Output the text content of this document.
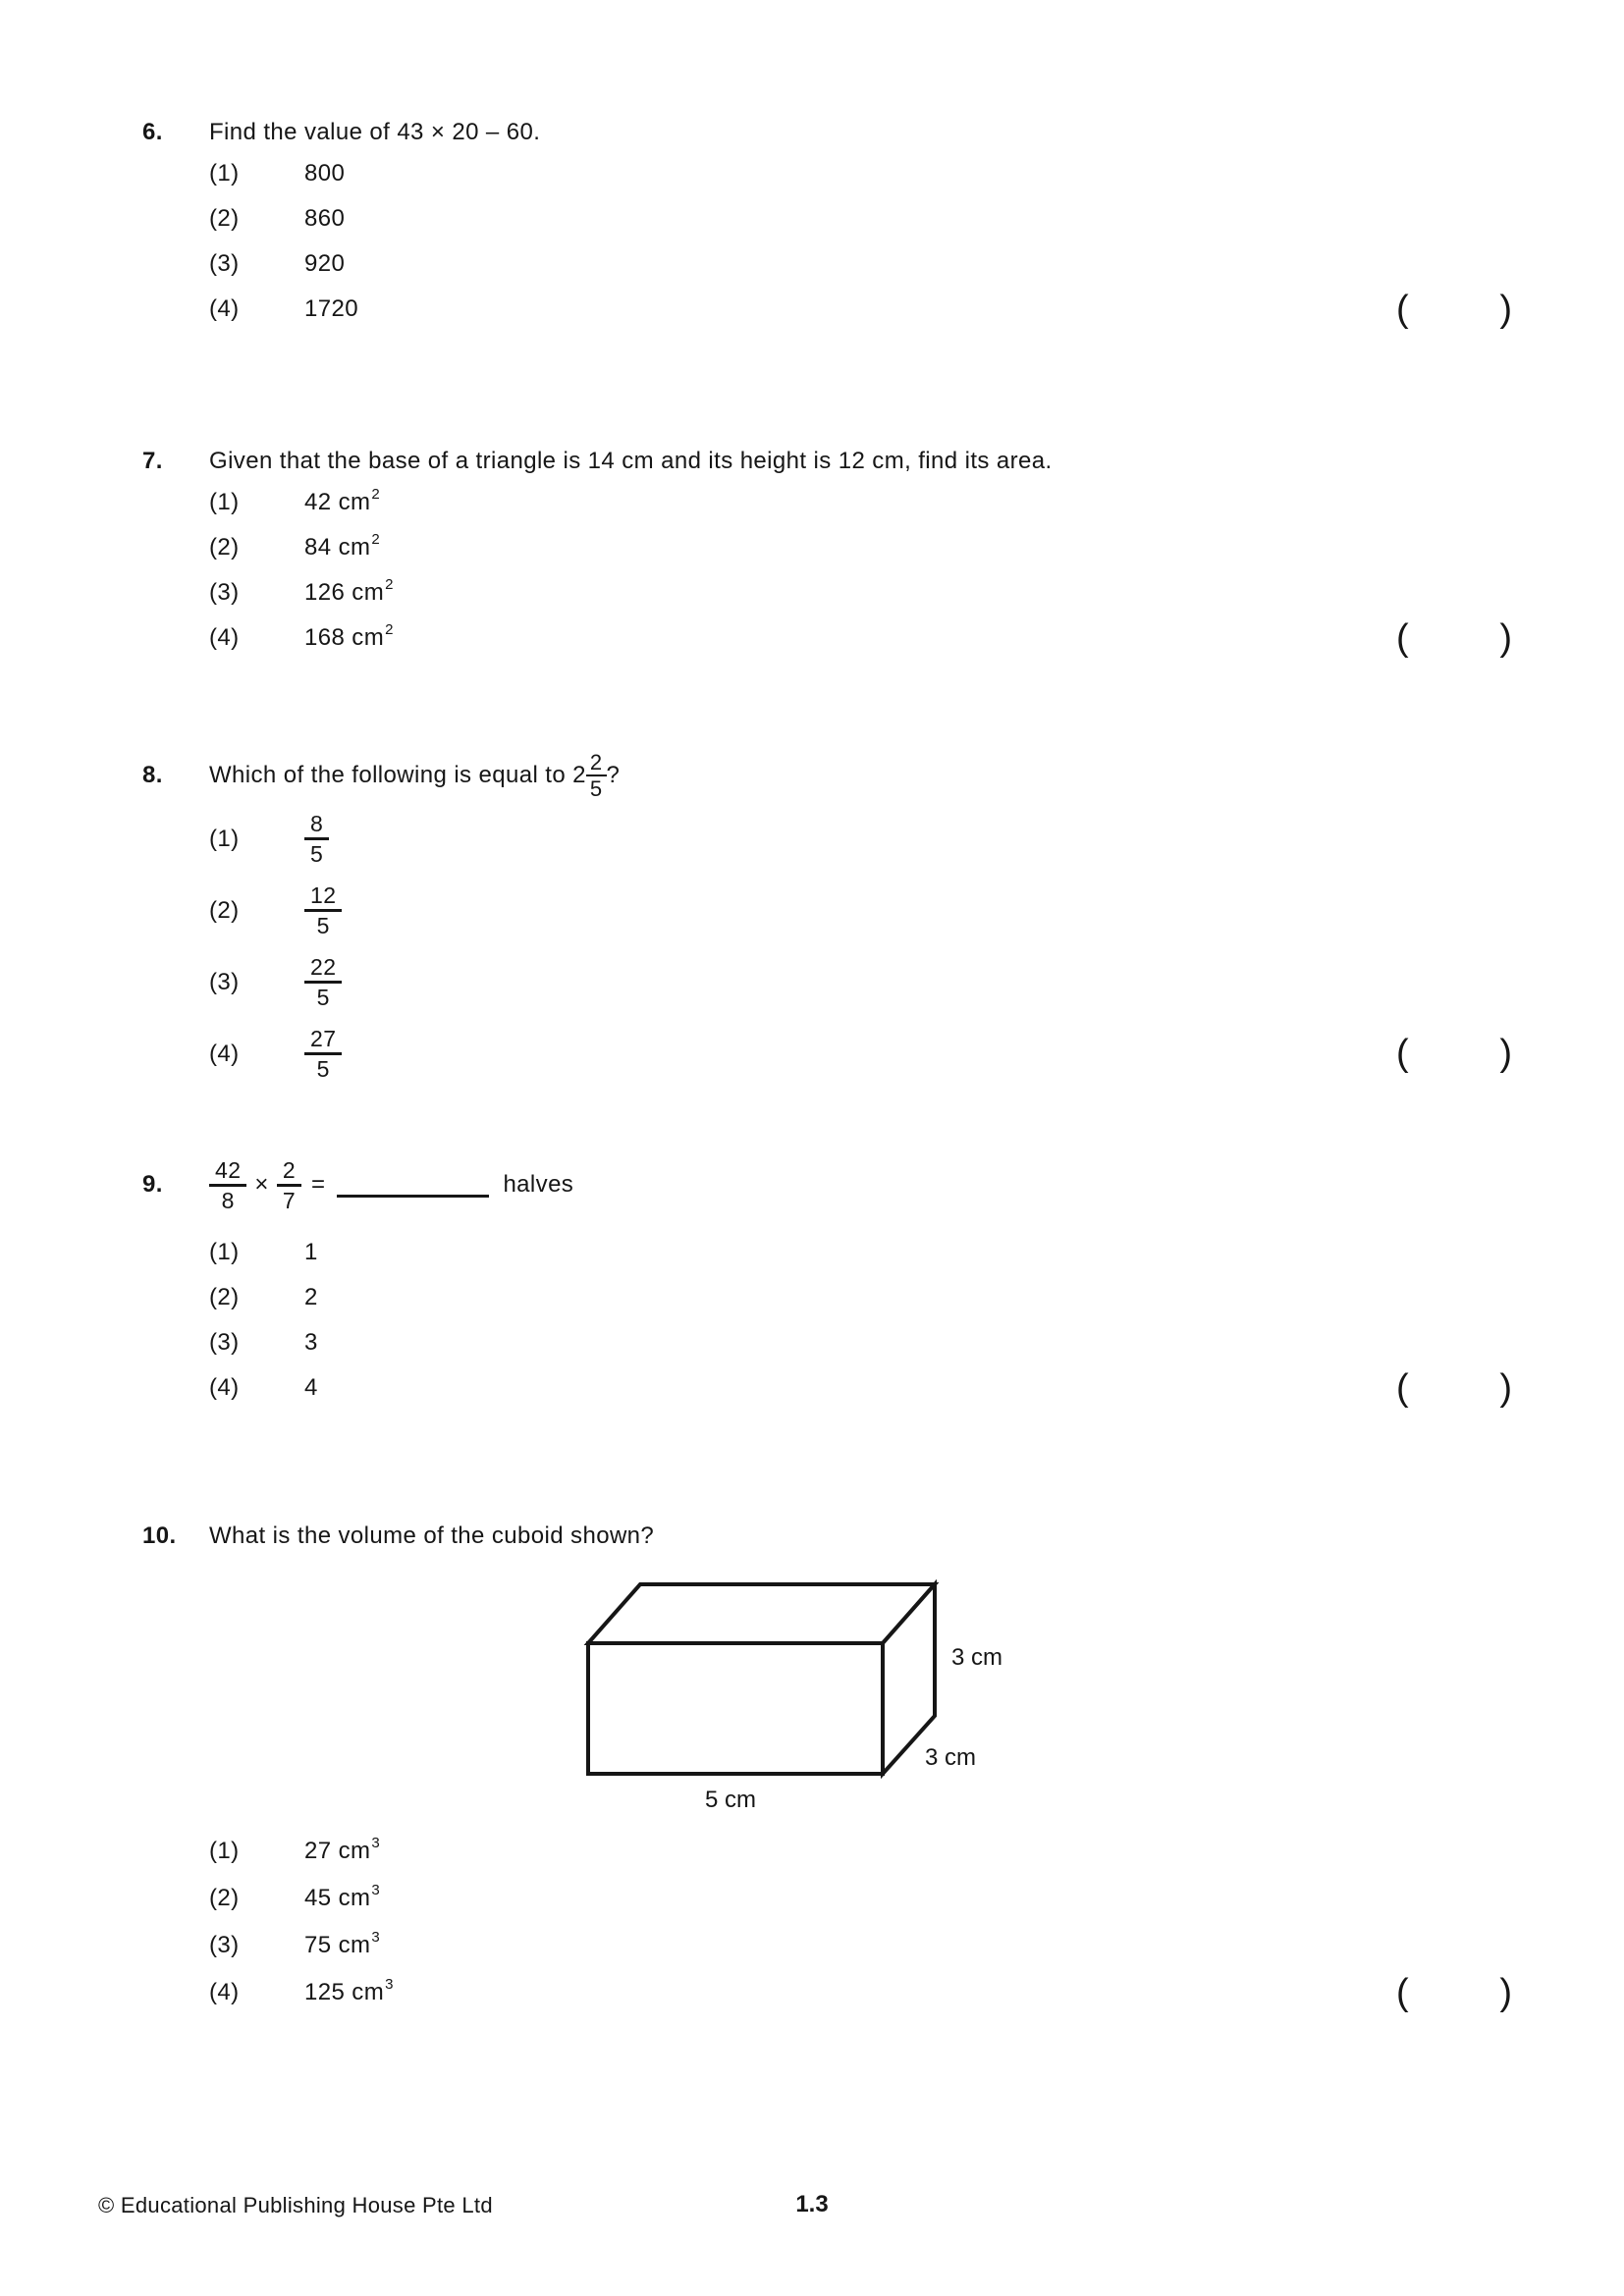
6.	Find the value of 43 × 20 – 60.
(1)	800
(2)	860
(3)	920
(4)	1720	( )
7.	Given that the base of a triangle is 14 cm and its height is 12 cm, find its area.
(1)	42 cm 2
(2)	84 cm 2
(3)	126 cm 2
(4)	168 cm 2	( )
8.	Which of the following is equal to $2 \frac{2}{5}$ ?
(1)	$\frac{8}{5}$
(2)	$\frac{12}{5}$
(3)	$\frac{22}{5}$
(4)	$\frac{27}{5}$	( )
9.	$\frac{42}{8} \times \frac{2}{7}$ =	halves
(1)	1
(2)	2
(3)	3
(4)	4	( )
10.	What is the volume of the cuboid shown?
(1)	27 cm 3
(2)	45 cm 3
(3)	75 cm 3
(4)	125 cm 3
3 cm
3 cm
5 cm
( )
© Educational Publishing House Pte Ltd	1.3
